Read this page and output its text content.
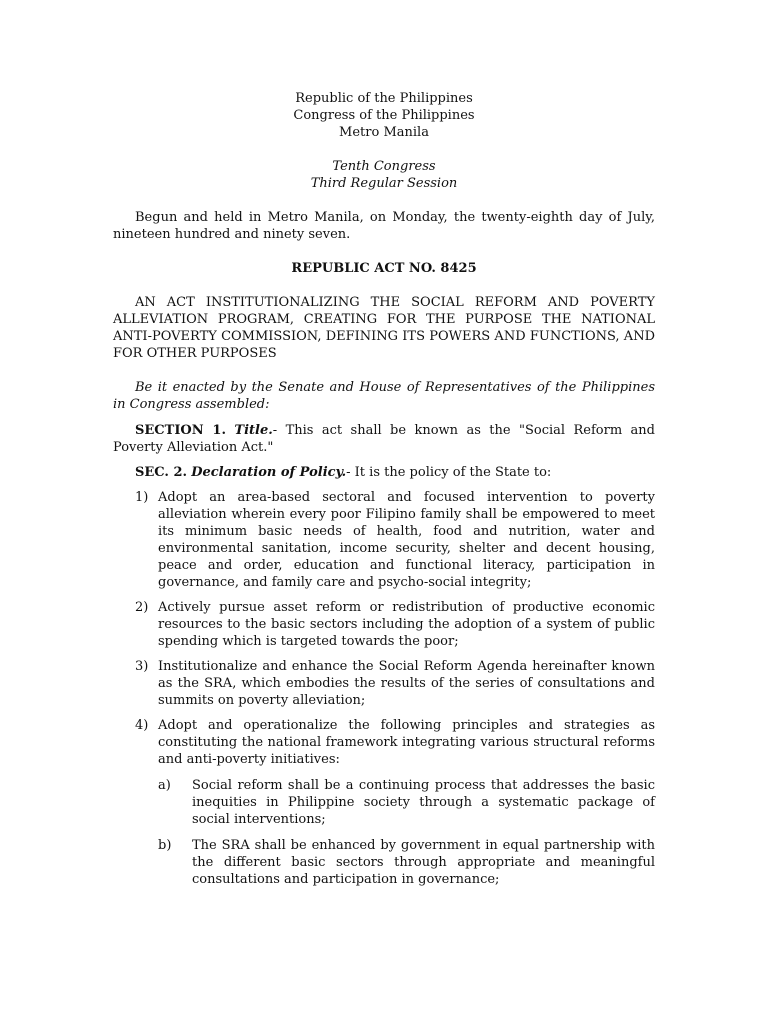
Republic of the Philippines

Congress of the Philippines

Metro Manila

Tenth Congress

Third Regular Session

Begun and held in Metro Manila, on Monday, the twenty-eighth day of July, nineteen hundred and ninety seven.

REPUBLIC ACT NO. 8425

AN ACT INSTITUTIONALIZING THE SOCIAL REFORM AND POVERTY ALLEVIATION PROGRAM, CREATING FOR THE PURPOSE THE NATIONAL ANTI-POVERTY COMMISSION, DEFINING ITS POWERS AND FUNCTIONS, AND FOR OTHER PURPOSES

Be it enacted by the Senate and House of Representatives of the Philippines in Congress assembled:

SECTION 1. Title.- This act shall be known as the "Social Reform and Poverty Alleviation Act."

SEC. 2. Declaration of Policy.- It is the policy of the State to:

1) Adopt an area-based sectoral and focused intervention to poverty alleviation wherein every poor Filipino family shall be empowered to meet its minimum basic needs of health, food and nutrition, water and environmental sanitation, income security, shelter and decent housing, peace and order, education and functional literacy, participation in governance, and family care and psycho-social integrity;
2) Actively pursue asset reform or redistribution of productive economic resources to the basic sectors including the adoption of a system of public spending which is targeted towards the poor;
3) Institutionalize and enhance the Social Reform Agenda hereinafter known as the SRA, which embodies the results of the series of consultations and summits on poverty alleviation;
4) Adopt and operationalize the following principles and strategies as constituting the national framework integrating various structural reforms and anti-poverty initiatives:
a) Social reform shall be a continuing process that addresses the basic inequities in Philippine society through a systematic package of social interventions;
b) The SRA shall be enhanced by government in equal partnership with the different basic sectors through appropriate and meaningful consultations and participation in governance;
